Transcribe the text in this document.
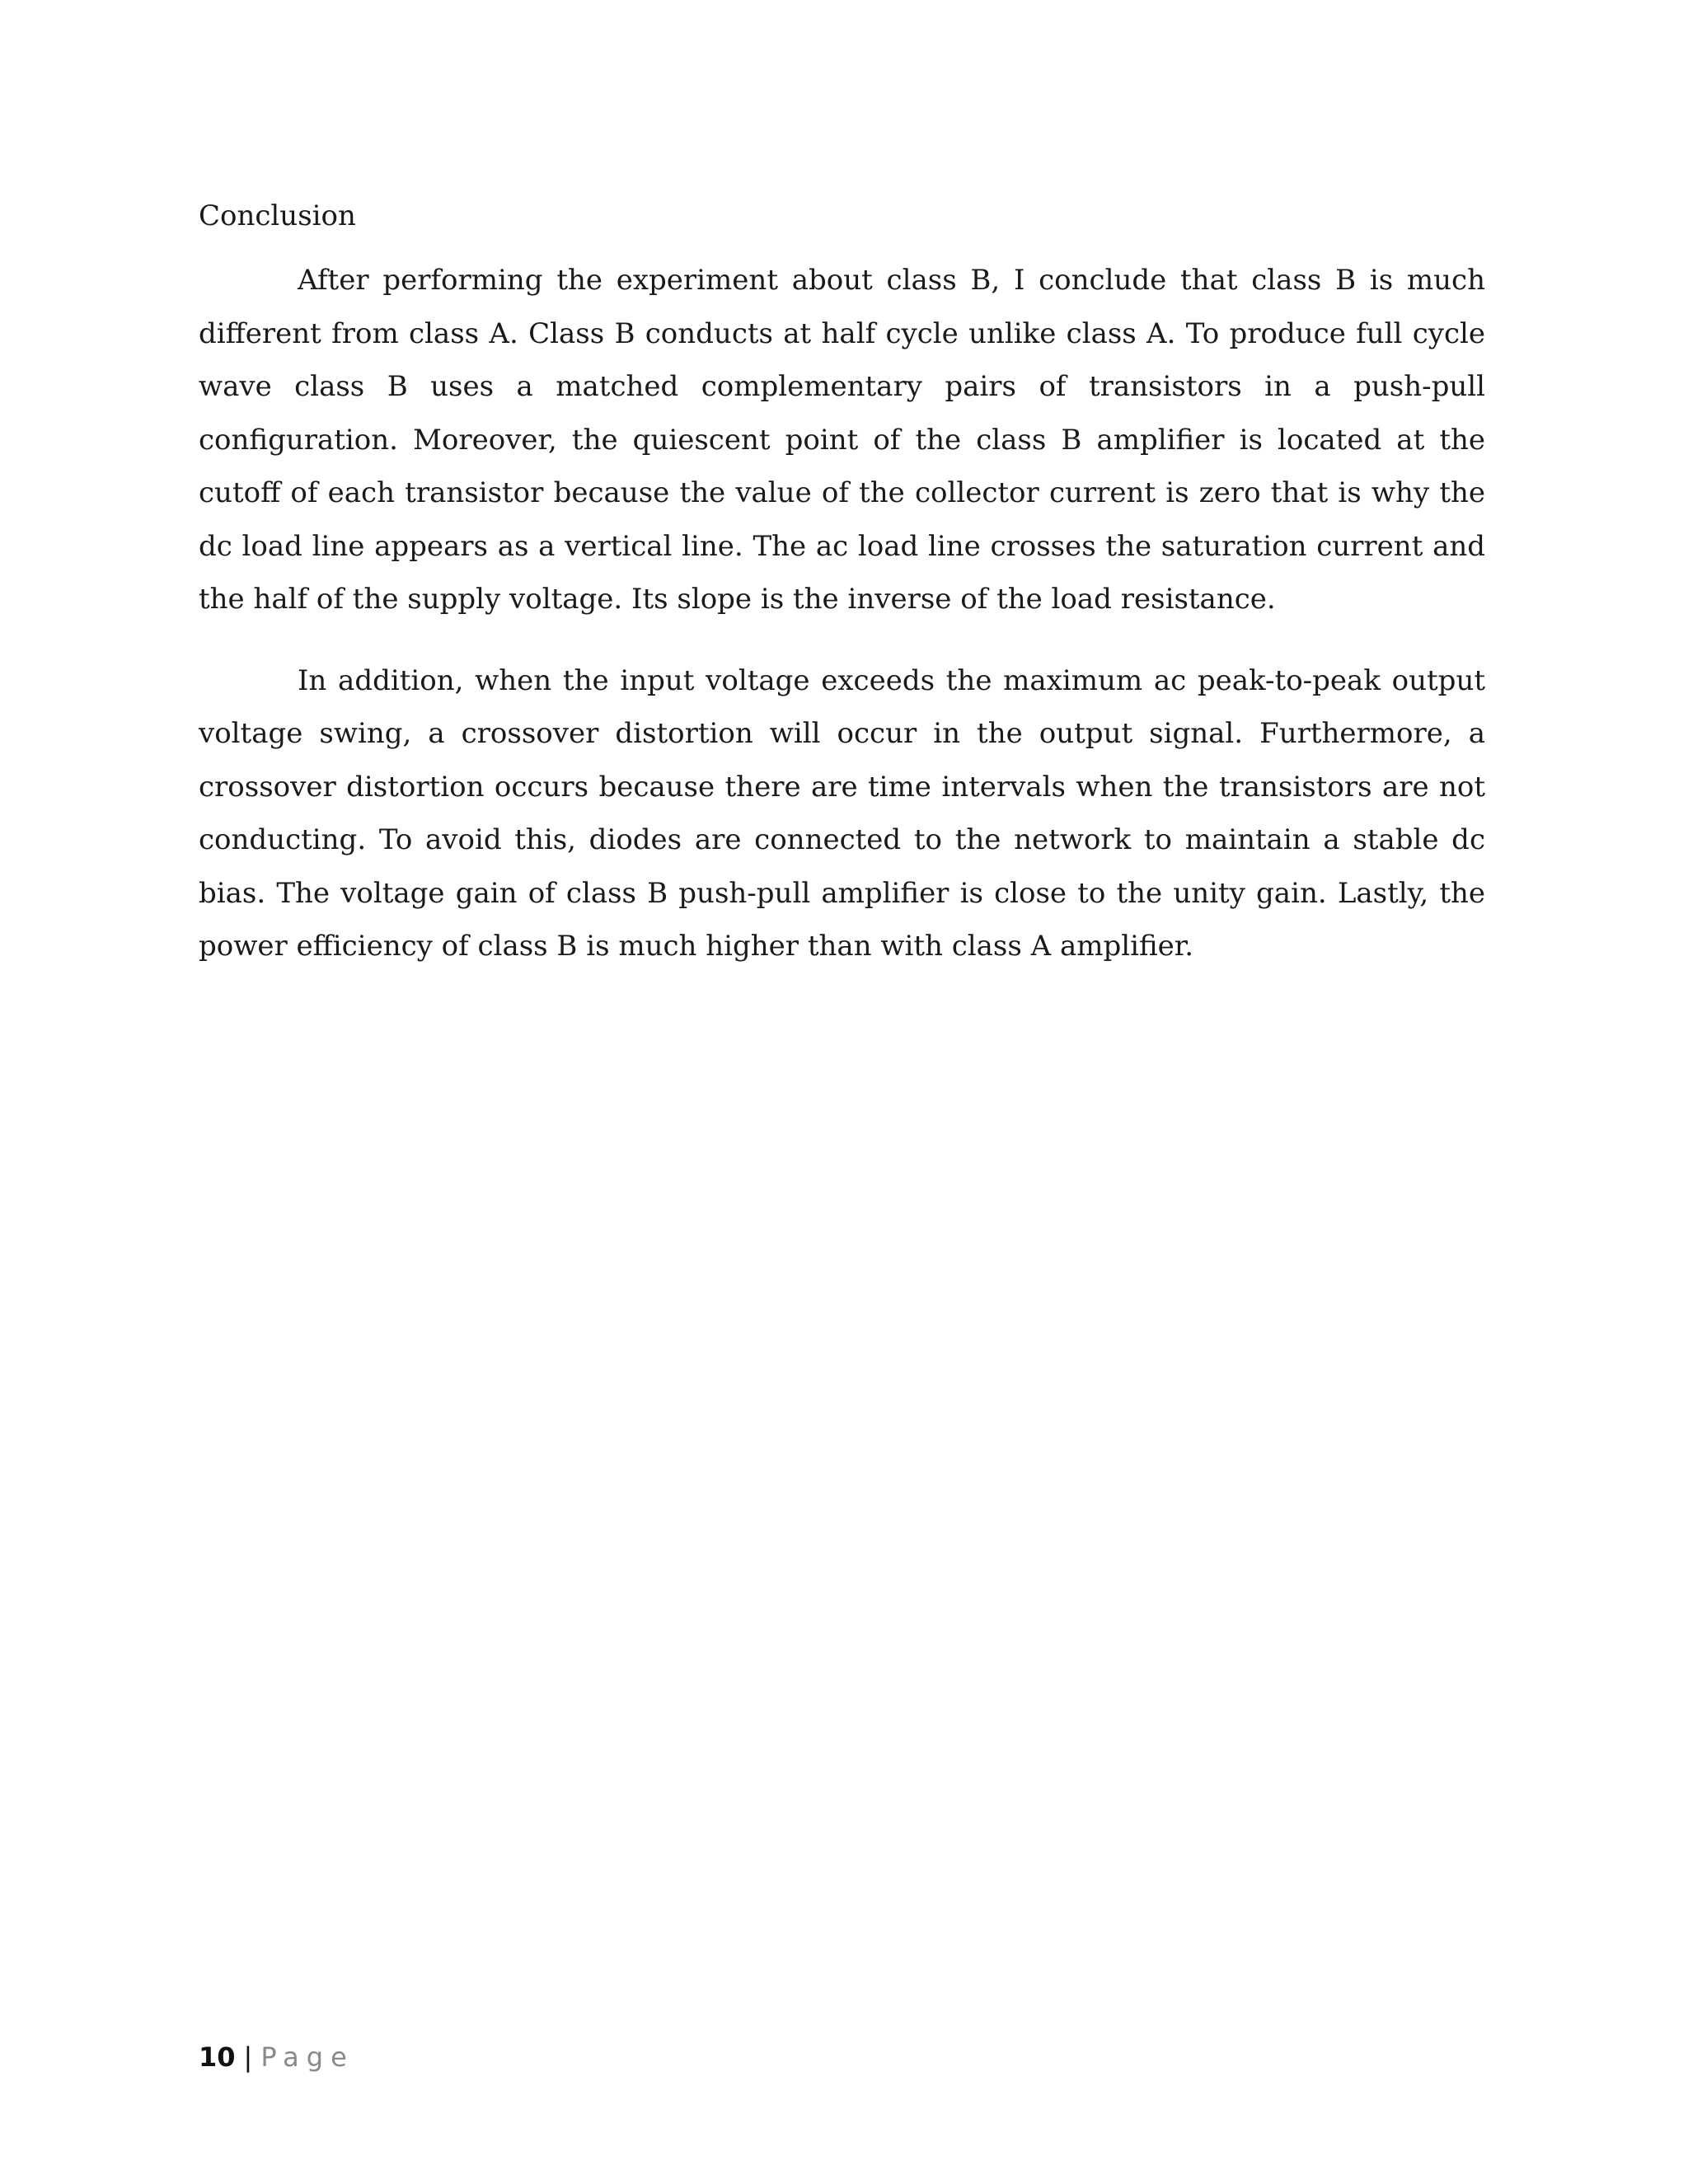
Conclusion

After performing the experiment about class B, I conclude that class B is much different from class A. Class B conducts at half cycle unlike class A. To produce full cycle wave class B uses a matched complementary pairs of transistors in a push-pull configuration. Moreover, the quiescent point of the class B amplifier is located at the cutoff of each transistor because the value of the collector current is zero that is why the dc load line appears as a vertical line. The ac load line crosses the saturation current and the half of the supply voltage. Its slope is the inverse of the load resistance.

In addition, when the input voltage exceeds the maximum ac peak-to-peak output voltage swing, a crossover distortion will occur in the output signal. Furthermore, a crossover distortion occurs because there are time intervals when the transistors are not conducting. To avoid this, diodes are connected to the network to maintain a stable dc bias. The voltage gain of class B push-pull amplifier is close to the unity gain. Lastly, the power efficiency of class B is much higher than with class A amplifier.

10 | Page
